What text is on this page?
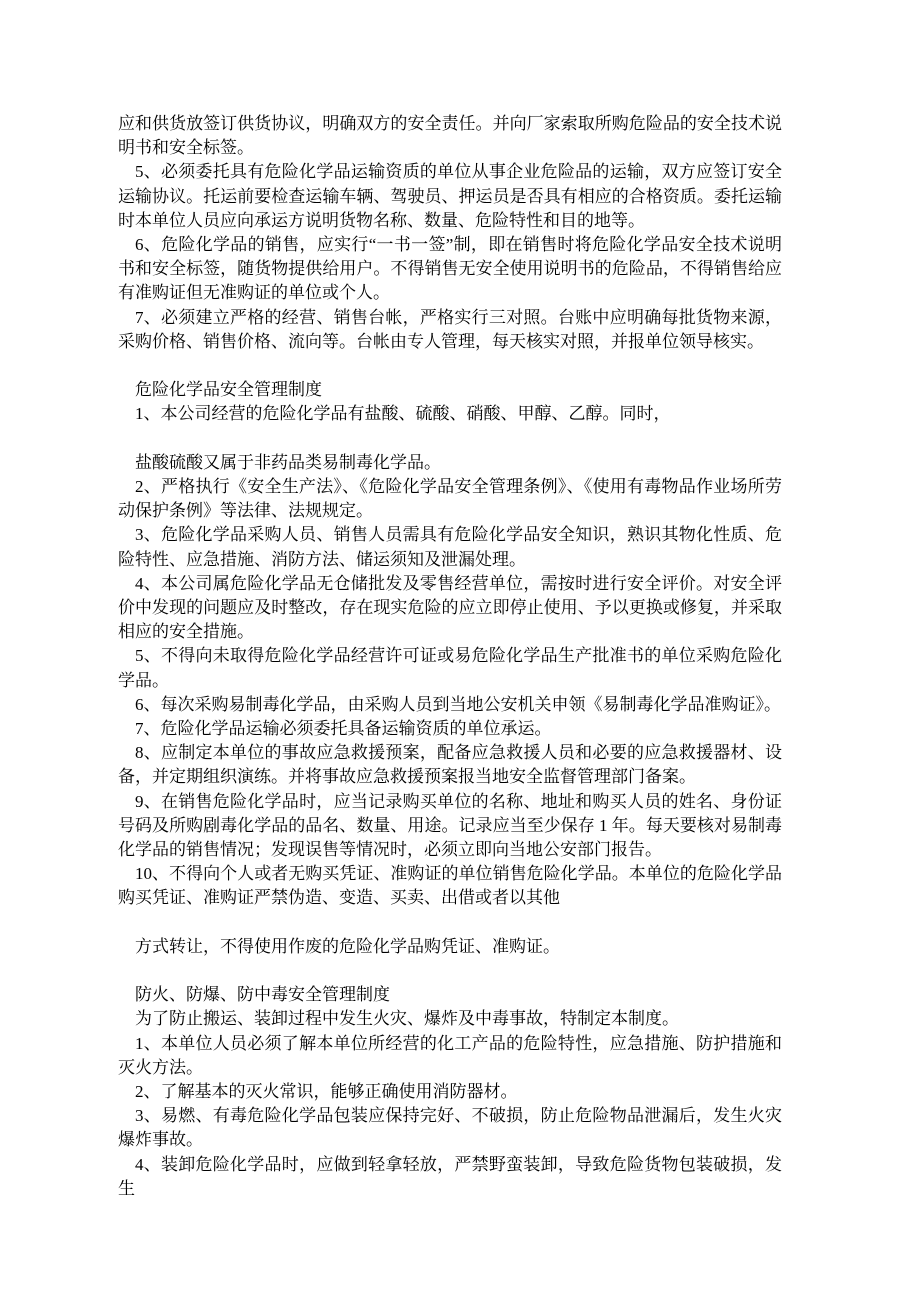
应和供货放签订供货协议，明确双方的安全责任。并向厂家索取所购危险品的安全技术说明书和安全标签。

5、必须委托具有危险化学品运输资质的单位从事企业危险品的运输，双方应签订安全运输协议。托运前要检查运输车辆、驾驶员、押运员是否具有相应的合格资质。委托运输时本单位人员应向承运方说明货物名称、数量、危险特性和目的地等。

6、危险化学品的销售，应实行“一书一签”制，即在销售时将危险化学品安全技术说明书和安全标签，随货物提供给用户。不得销售无安全使用说明书的危险品，不得销售给应有准购证但无准购证的单位或个人。

7、必须建立严格的经营、销售台帐，严格实行三对照。台账中应明确每批货物来源，采购价格、销售价格、流向等。台帐由专人管理，每天核实对照，并报单位领导核实。

危险化学品安全管理制度

1、本公司经营的危险化学品有盐酸、硫酸、硝酸、甲醇、乙醇。同时，

盐酸硫酸又属于非药品类易制毒化学品。

2、严格执行《安全生产法》、《危险化学品安全管理条例》、《使用有毒物品作业场所劳动保护条例》等法律、法规规定。

3、危险化学品采购人员、销售人员需具有危险化学品安全知识，熟识其物化性质、危险特性、应急措施、消防方法、储运须知及泄漏处理。

4、本公司属危险化学品无仓储批发及零售经营单位，需按时进行安全评价。对安全评价中发现的问题应及时整改，存在现实危险的应立即停止使用、予以更换或修复，并采取相应的安全措施。

5、不得向未取得危险化学品经营许可证或易危险化学品生产批准书的单位采购危险化学品。

6、每次采购易制毒化学品，由采购人员到当地公安机关申领《易制毒化学品准购证》。

7、危险化学品运输必须委托具备运输资质的单位承运。

8、应制定本单位的事故应急救援预案，配备应急救援人员和必要的应急救援器材、设备，并定期组织演练。并将事故应急救援预案报当地安全监督管理部门备案。

9、在销售危险化学品时，应当记录购买单位的名称、地址和购买人员的姓名、身份证号码及所购剧毒化学品的品名、数量、用途。记录应当至少保存 1 年。每天要核对易制毒化学品的销售情况；发现误售等情况时，必须立即向当地公安部门报告。

10、不得向个人或者无购买凭证、准购证的单位销售危险化学品。本单位的危险化学品购买凭证、准购证严禁伪造、变造、买卖、出借或者以其他

方式转让，不得使用作废的危险化学品购凭证、准购证。

防火、防爆、防中毒安全管理制度

为了防止搬运、装卸过程中发生火灾、爆炸及中毒事故，特制定本制度。

1、本单位人员必须了解本单位所经营的化工产品的危险特性，应急措施、防护措施和灭火方法。

2、了解基本的灭火常识，能够正确使用消防器材。

3、易燃、有毒危险化学品包装应保持完好、不破损，防止危险物品泄漏后，发生火灾爆炸事故。

4、装卸危险化学品时，应做到轻拿轻放，严禁野蛮装卸，导致危险货物包装破损，发生
